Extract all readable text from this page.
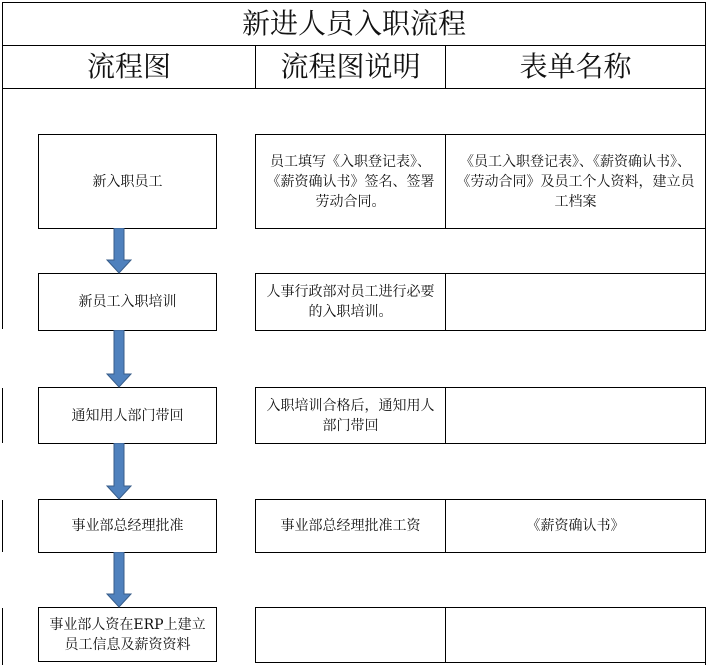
新进人员入职流程
流程图	流程图说明	表单名称
新入职员工
新员工入职培训
通知用人部门带回
事业部总经理批准
事业部人资在ERP上建立员工信息及薪资资料
员工填写《入职登记表》、《薪资确认书》签名、签署劳动合同。
人事行政部对员工进行必要的入职培训。
入职培训合格后，通知用人部门带回
事业部总经理批准工资
《员工入职登记表》、《薪资确认书》、《劳动合同》及员工个人资料，建立员工档案
《薪资确认书》
